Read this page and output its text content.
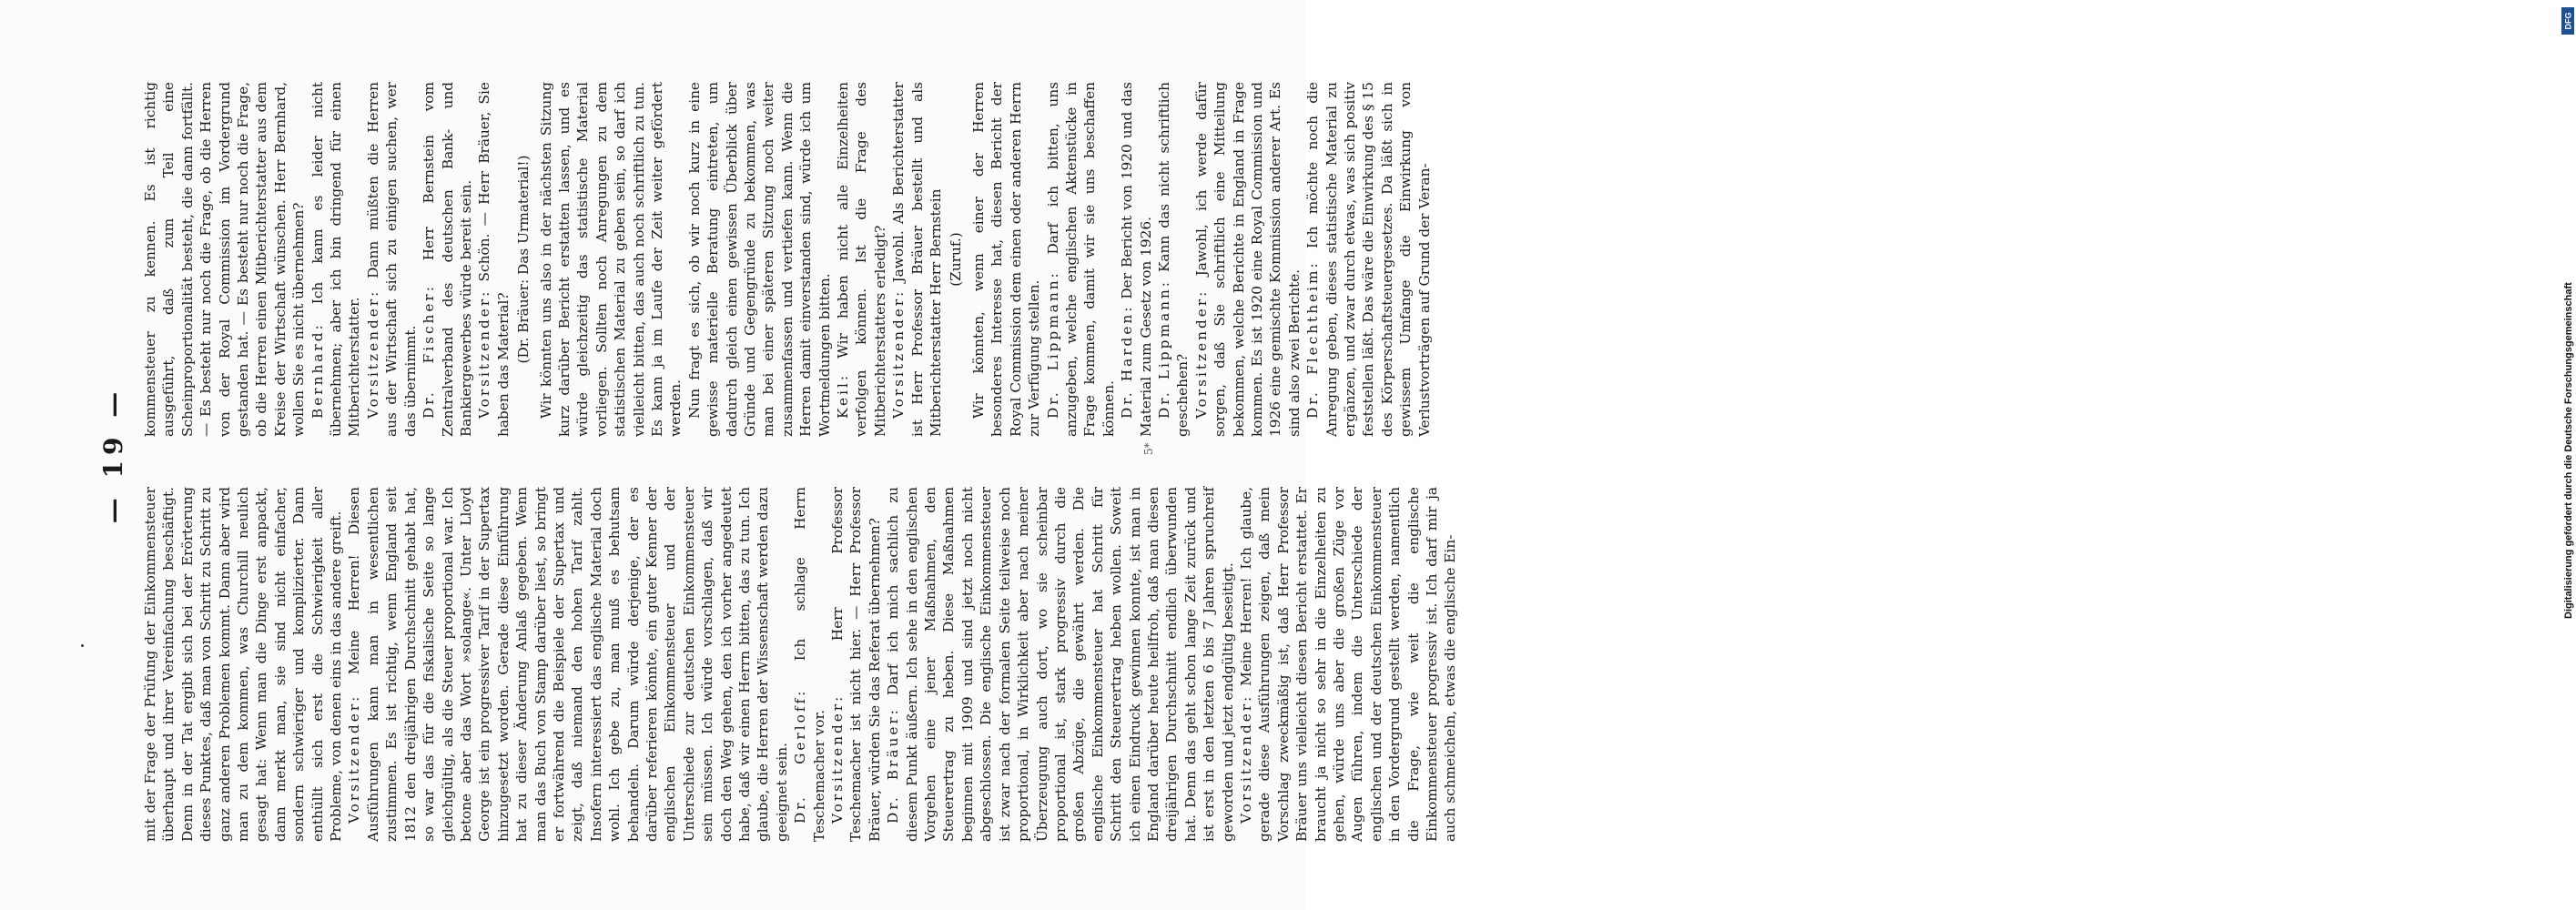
— 19 —

mit der Frage der Prüfung der Einkommensteuer überhaupt und ihrer Vereinfachung beschäftigt. Denn in der Tat ergibt sich bei der Erörterung dieses Punktes, daß man von Schritt zu Schritt zu ganz anderen Problemen kommt. Dann aber wird man zu dem kommen, was Churchill neulich gesagt hat: Wenn man die Dinge erst anpackt, dann merkt man, sie sind nicht einfacher, sondern schwieriger und komplizierter. Dann enthüllt sich erst die Schwierigkeit aller Probleme, von denen eins in das andere greift. Vorsitzender: Meine Herren! Diesen Ausführungen kann man in wesentlichen zustimmen. Es ist richtig, wenn England seit 1812 den dreijährigen Durchschnitt gehabt hat, so war das für die fiskalische Seite so lange gleichgültig, als die Steuer proportional war. Ich betone aber das Wort »solange«. Unter Lloyd George ist ein progressiver Tarif in der Supertax hinzugesetzt worden. Gerade diese Einführung hat zu dieser Änderung Anlaß gegeben. Wenn man das Buch von Stamp darüber liest, so bringt er fortwährend die Beispiele der Supertax und zeigt, daß niemand den hohen Tarif zahlt. Insofern interessiert das englische Material doch wohl. Ich gebe zu, man muß es behutsam behandeln. Darum würde derjenige, der es darüber referieren könnte, ein guter Kenner der englischen Einkommensteuer und der Unterschiede zur deutschen Einkommensteuer sein müssen. Ich würde vorschlagen, daß wir doch den Weg gehen, den ich vorher angedeutet habe, daß wir einen Herrn bitten, das zu tun. Ich glaube, die Herren der Wissenschaft werden dazu geeignet sein. Dr. Gerloff: Ich schlage Herrn Teschemacher vor. Vorsitzender: Herr Professor Teschemacher ist nicht hier. — Herr Professor Bräuer, würden Sie das Referat übernehmen? Dr. Bräuer: Darf ich mich sachlich zu diesem Punkt äußern. Ich sehe in den englischen Vorgehen eine jener Maßnahmen, den Steuerertrag zu heben. Diese Maßnahmen beginnen mit 1909 und sind jetzt noch nicht abgeschlossen. Die englische Einkommensteuer ist zwar nach der formalen Seite teilweise noch proportional, in Wirklichkeit aber nach meiner Überzeugung auch dort, wo sie scheinbar proportional ist, stark progressiv durch die großen Abzüge, die gewährt werden. Die englische Einkommensteuer hat Schritt für Schritt den Steuerertrag heben wollen. Soweit ich einen Eindruck gewinnen konnte, ist man in England darüber heute heilfroh, daß man diesen dreijährigen Durchschnitt endlich überwunden hat. Denn das geht schon lange Zeit zurück und ist erst in den letzten 6 bis 7 Jahren spruchreif geworden und jetzt endgültig beseitigt. Vorsitzender: Meine Herren! Ich glaube, gerade diese Ausführungen zeigen, daß mein Vorschlag zweckmäßig ist, daß Herr Professor Bräuer uns vielleicht diesen Bericht erstattet. Er braucht ja nicht so sehr in die Einzelheiten zu gehen, würde uns aber die großen Züge vor Augen führen, indem die Unterschiede der englischen und der deutschen Einkommensteuer in den Vordergrund gestellt werden, namentlich die Frage, wie weit die englische Einkommensteuer progressiv ist. Ich darf mir ja auch schmeicheln, etwas die englische Ein-

kommensteuer zu kennen. Es ist richtig ausgeführt, daß zum Teil eine Scheinproportionalität besteht, die dann fortfällt. — Es besteht nur noch die Frage, ob die Herren von der Royal Commission im Vordergrund gestanden hat. — Es besteht nur noch die Frage, ob die Herren einen Mitberichterstatter aus dem Kreise der Wirtschaft wünschen. Herr Bernhard, wollen Sie es nicht übernehmen? Bernhard: Ich kann es leider nicht übernehmen; aber ich bin dringend für einen Mitberichterstatter. Vorsitzender: Dann müßten die Herren aus der Wirtschaft sich zu einigen suchen, wer das übernimmt. Dr. Fischer: Herr Bernstein vom Zentralverband des deutschen Bank- und Bankiergewerbes würde bereit sein. Vorsitzender: Schön. — Herr Bräuer, Sie haben das Material?

(Dr. Bräuer: Das Urmaterial!) Wir könnten uns also in der nächsten Sitzung kurz darüber Bericht erstatten lassen, und es würde gleichzeitig das statistische Material vorliegen. Sollten noch Anregungen zu dem statistischen Material zu geben sein, so darf ich vielleicht bitten, das auch noch schriftlich zu tun. Es kann ja im Laufe der Zeit weiter gefördert werden. Nun fragt es sich, ob wir noch kurz in eine gewisse materielle Beratung eintreten, um dadurch gleich einen gewissen Überblick über Gründe und Gegengründe zu bekommen, was man bei einer späteren Sitzung noch weiter zusammenfassen und vertiefen kann. Wenn die Herren damit einverstanden sind, würde ich um Wortmeldungen bitten. Keil: Wir haben nicht alle Einzelheiten verfolgen können. Ist die Frage des Mitberichterstatters erledigt? Vorsitzender: Jawohl. Als Berichterstatter ist Herr Professor Bräuer bestellt und als Mitberichterstatter Herr Bernstein (Zuruf.) Wir könnten, wenn einer der Herren besonderes Interesse hat, diesen Bericht der Royal Commission dem einen oder anderen Herrn zur Verfügung stellen. Dr. Lippmann: Darf ich bitten, uns anzugeben, welche englischen Aktenstücke in Frage kommen, damit wir sie uns beschaffen können. Dr. Harden: Der Bericht von 1920 und das Material zum Gesetz von 1926. Dr. Lippmann: Kann das nicht schriftlich geschehen? Vorsitzender: Jawohl, ich werde dafür sorgen, daß Sie schriftlich eine Mitteilung bekommen, welche Berichte in England in Frage kommen. Es ist 1920 eine Royal Commission und 1926 eine gemischte Kommission anderer Art. Es sind also zwei Berichte. Dr. Flechtheim: Ich möchte noch die Anregung geben, dieses statistische Material zu ergänzen, und zwar durch etwas, was sich positiv feststellen läßt. Das wäre die Einwirkung des § 15 des Körperschaftsteuergesetzes. Da läßt sich in gewissem Umfange die Einwirkung von Verlustvorträgen auf Grund der Veran-

5*
DFG
Digitalisierung gefördert durch die Deutsche Forschungsgemeinschaft
